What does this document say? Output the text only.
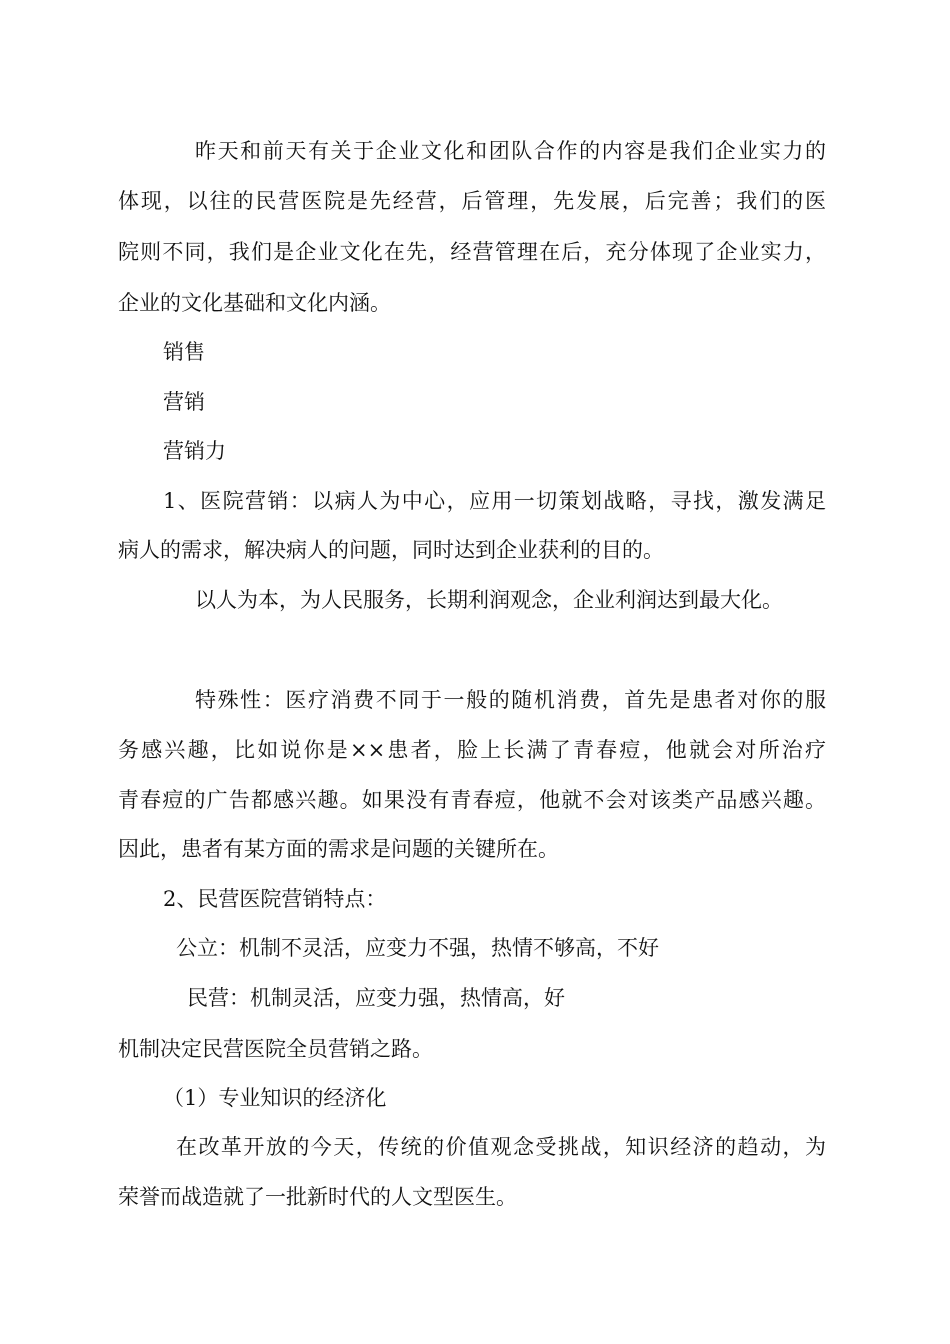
昨天和前天有关于企业文化和团队合作的内容是我们企业实力的
体现，以往的民营医院是先经营，后管理，先发展，后完善；我们的医
院则不同，我们是企业文化在先，经营管理在后，充分体现了企业实力，
企业的文化基础和文化内涵。
销售
营销
营销力
1、医院营销：以病人为中心，应用一切策划战略，寻找，激发满足
病人的需求，解决病人的问题，同时达到企业获利的目的。
以人为本，为人民服务，长期利润观念，企业利润达到最大化。
特殊性：医疗消费不同于一般的随机消费，首先是患者对你的服
务感兴趣，比如说你是××患者，脸上长满了青春痘，他就会对所治疗
青春痘的广告都感兴趣。如果没有青春痘，他就不会对该类产品感兴趣。
因此，患者有某方面的需求是问题的关键所在。
2、民营医院营销特点：
公立：机制不灵活，应变力不强，热情不够高，不好
民营：机制灵活，应变力强，热情高，好
机制决定民营医院全员营销之路。
（1）专业知识的经济化
在改革开放的今天，传统的价值观念受挑战，知识经济的趋动，为
荣誉而战造就了一批新时代的人文型医生。
